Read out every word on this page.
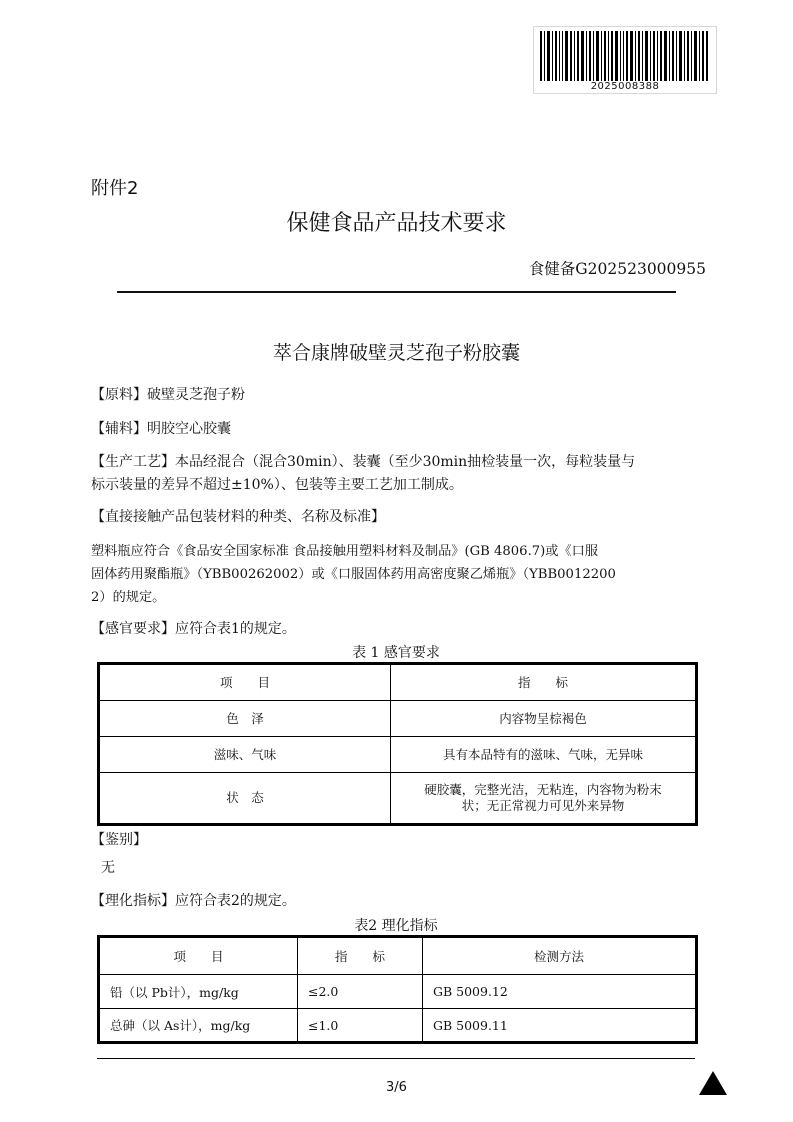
2025008388
附件2
保健食品产品技术要求
食健备G202523000955
萃合康牌破壁灵芝孢子粉胶囊
【原料】破壁灵芝孢子粉
【辅料】明胶空心胶囊
【生产工艺】本品经混合（混合30min）、装囊（至少30min抽检装量一次，每粒装量与
标示装量的差异不超过±10%）、包装等主要工艺加工制成。
【直接接触产品包装材料的种类、名称及标准】
塑料瓶应符合《食品安全国家标准 食品接触用塑料材料及制品》(GB 4806.7)或《口服
固体药用聚酯瓶》（YBB00262002）或《口服固体药用高密度聚乙烯瓶》（YBB0012200
2）的规定。
【感官要求】应符合表1的规定。
表 1 感官要求
项　　目	指　　标
色　泽	内容物呈棕褐色
滋味、气味	具有本品特有的滋味、气味，无异味
状　态	硬胶囊，完整光洁，无粘连，内容物为粉末
状；无正常视力可见外来异物
【鉴别】
无
【理化指标】应符合表2的规定。
表2 理化指标
项　　目	指　　标	检测方法
铅（以 Pb计），mg/kg	≤2.0	GB 5009.12
总砷（以 As计），mg/kg	≤1.0	GB 5009.11
3/6
